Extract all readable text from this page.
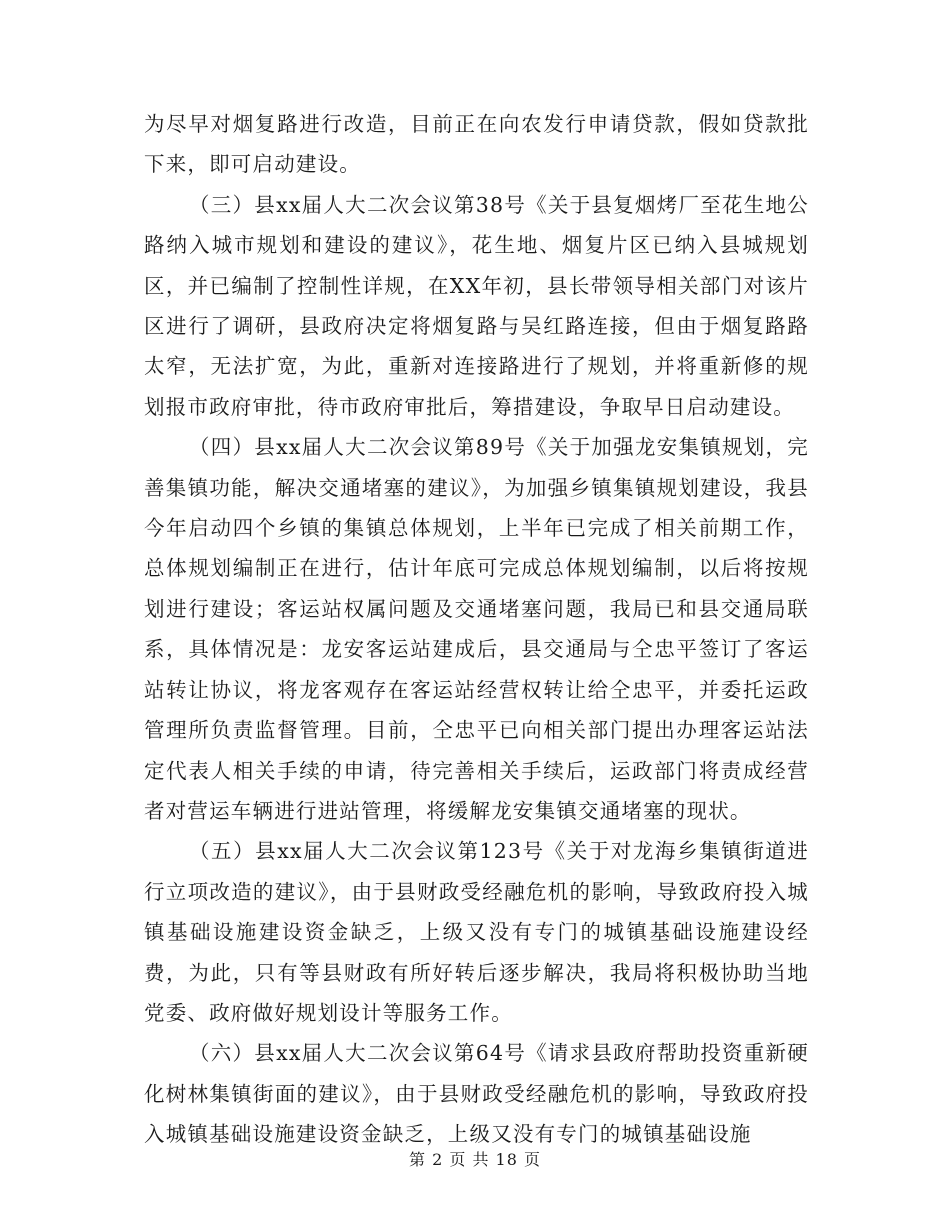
为尽早对烟复路进行改造，目前正在向农发行申请贷款，假如贷款批下来，即可启动建设。

（三）县xx届人大二次会议第38号《关于县复烟烤厂至花生地公路纳入城市规划和建设的建议》，花生地、烟复片区已纳入县城规划区，并已编制了控制性详规，在XX年初，县长带领导相关部门对该片区进行了调研，县政府决定将烟复路与吴红路连接，但由于烟复路路太窄，无法扩宽，为此，重新对连接路进行了规划，并将重新修的规划报市政府审批，待市政府审批后，筹措建设，争取早日启动建设。

（四）县xx届人大二次会议第89号《关于加强龙安集镇规划，完善集镇功能，解决交通堵塞的建议》，为加强乡镇集镇规划建设，我县今年启动四个乡镇的集镇总体规划，上半年已完成了相关前期工作，总体规划编制正在进行，估计年底可完成总体规划编制，以后将按规划进行建设；客运站权属问题及交通堵塞问题，我局已和县交通局联系，具体情况是：龙安客运站建成后，县交通局与仝忠平签订了客运站转让协议，将龙客观存在客运站经营权转让给仝忠平，并委托运政管理所负责监督管理。目前，仝忠平已向相关部门提出办理客运站法定代表人相关手续的申请，待完善相关手续后，运政部门将责成经营者对营运车辆进行进站管理，将缓解龙安集镇交通堵塞的现状。

（五）县xx届人大二次会议第123号《关于对龙海乡集镇街道进行立项改造的建议》，由于县财政受经融危机的影响，导致政府投入城镇基础设施建设资金缺乏，上级又没有专门的城镇基础设施建设经费，为此，只有等县财政有所好转后逐步解决，我局将积极协助当地党委、政府做好规划设计等服务工作。

（六）县xx届人大二次会议第64号《请求县政府帮助投资重新硬化树林集镇街面的建议》，由于县财政受经融危机的影响，导致政府投入城镇基础设施建设资金缺乏，上级又没有专门的城镇基础设施

第 2 页 共 18 页
